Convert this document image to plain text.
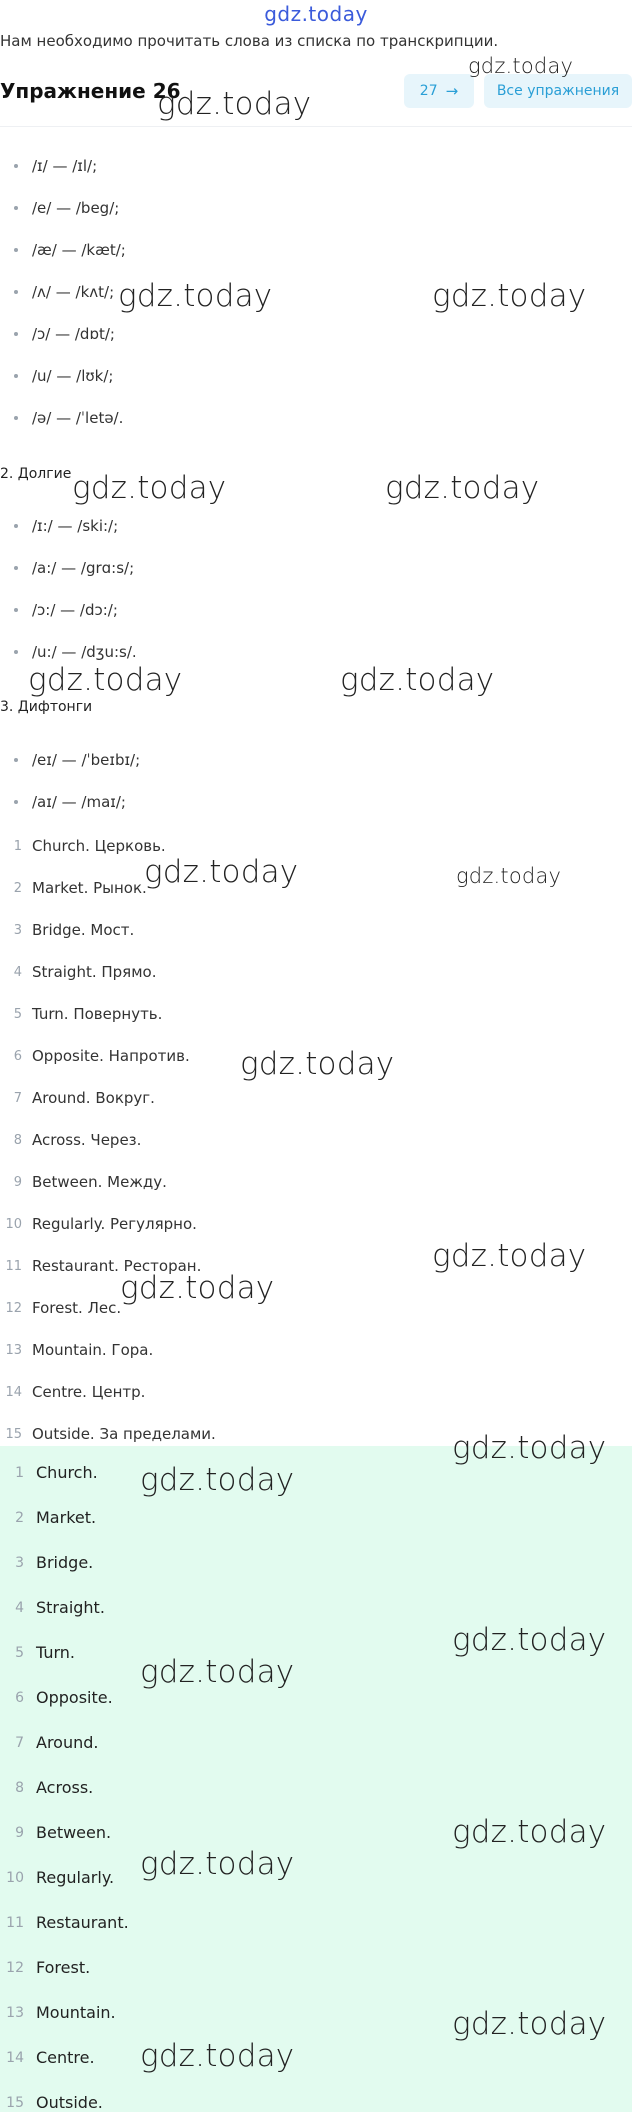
gdz.today
Нам необходимо прочитать слова из списка по транскрипции.
Упражнение 26	27 →	Все упражнения
/ɪ/ — /ɪl/;
/e/ — /beg/;
/æ/ — /kæt/;
/ʌ/ — /kʌt/;
/ɔ/ — /dɒt/;
/u/ — /lʊk/;
/ə/ — /ˈletə/.
2. Долгие
/ɪ:/ — /ski:/;
/a:/ — /grɑ:s/;
/ɔ:/ — /dɔ:/;
/u:/ — /dʒu:s/.
3. Дифтонги
/eɪ/ — /ˈbeɪbɪ/;
/aɪ/ — /maɪ/;
1 Church. Церковь.
2 Market. Рынок.
3 Bridge. Мост.
4 Straight. Прямо.
5 Turn. Повернуть.
6 Opposite. Напротив.
7 Around. Вокруг.
8 Across. Через.
9 Between. Между.
10 Regularly. Регулярно.
11 Restaurant. Ресторан.
12 Forest. Лес.
13 Mountain. Гора.
14 Centre. Центр.
15 Outside. За пределами.
1 Church.
2 Market.
3 Bridge.
4 Straight.
5 Turn.
6 Opposite.
7 Around.
8 Across.
9 Between.
10 Regularly.
11 Restaurant.
12 Forest.
13 Mountain.
14 Centre.
15 Outside.
gdz.today
gdz.today
gdz.today	gdz.today
gdz.today	gdz.today
gdz.today	gdz.today
gdz.today	gdz.today
gdz.today
gdz.today
gdz.today
gdz.today
gdz.today
gdz.today
gdz.today
gdz.today
gdz.today
gdz.today
gdz.today
